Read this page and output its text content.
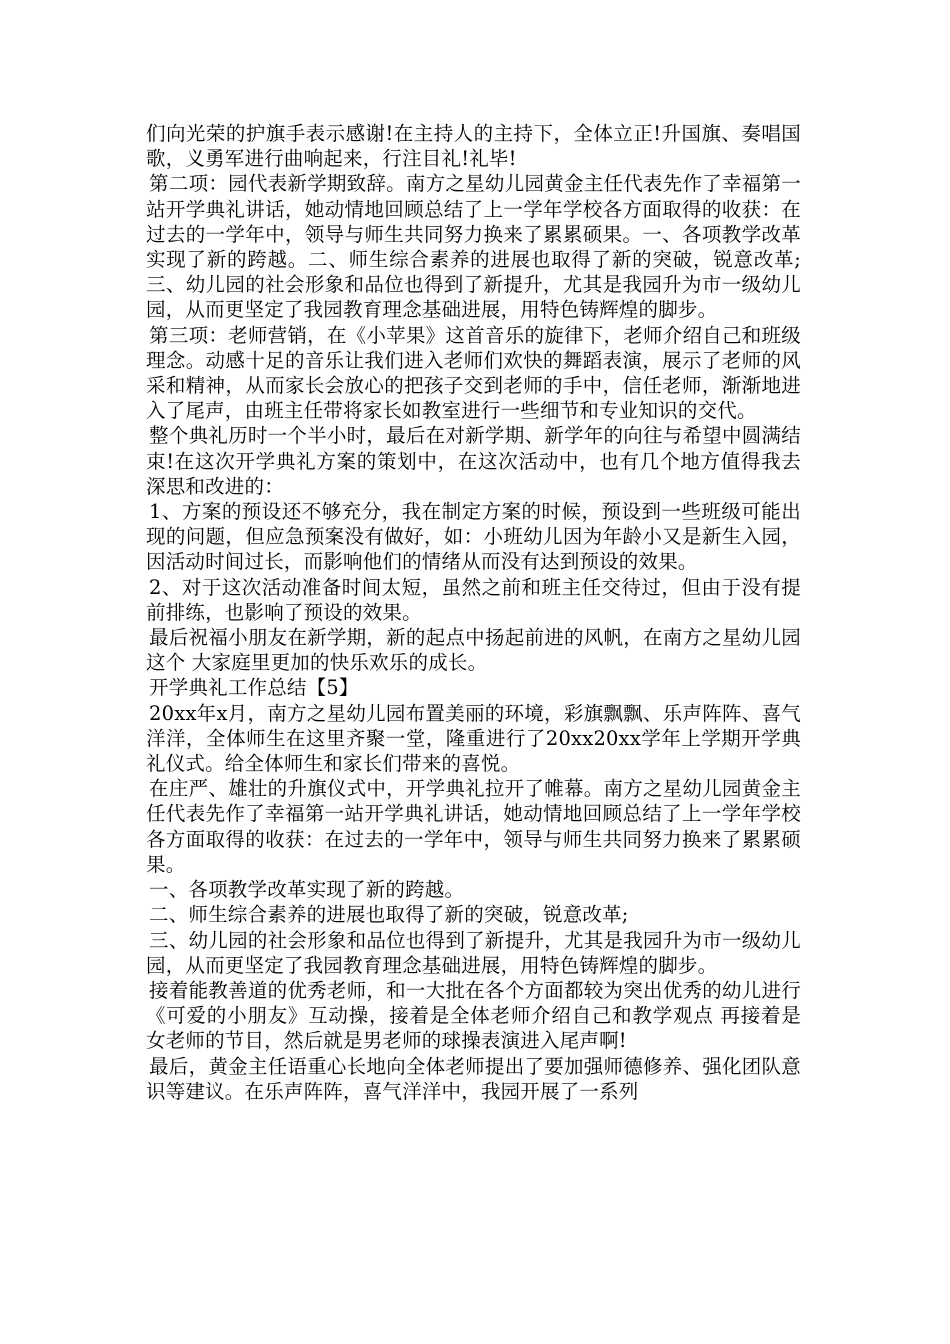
们向光荣的护旗手表示感谢!在主持人的主持下，全体立正!升国旗、奏唱国歌，义勇军进行曲响起来，行注目礼!礼毕!

第二项：园代表新学期致辞。南方之星幼儿园黄金主任代表先作了幸福第一站开学典礼讲话，她动情地回顾总结了上一学年学校各方面取得的收获：在过去的一学年中，领导与师生共同努力换来了累累硕果。一、各项教学改革实现了新的跨越。二、师生综合素养的进展也取得了新的突破，锐意改革;三、幼儿园的社会形象和品位也得到了新提升，尤其是我园升为市一级幼儿园，从而更坚定了我园教育理念基础进展，用特色铸辉煌的脚步。

第三项：老师营销，在《小苹果》这首音乐的旋律下，老师介绍自己和班级理念。动感十足的音乐让我们进入老师们欢快的舞蹈表演，展示了老师的风采和精神，从而家长会放心的把孩子交到老师的手中，信任老师，渐渐地进入了尾声，由班主任带将家长如教室进行一些细节和专业知识的交代。

整个典礼历时一个半小时，最后在对新学期、新学年的向往与希望中圆满结束!在这次开学典礼方案的策划中，在这次活动中，也有几个地方值得我去深思和改进的：

1、方案的预设还不够充分，我在制定方案的时候，预设到一些班级可能出现的问题，但应急预案没有做好，如：小班幼儿因为年龄小又是新生入园，因活动时间过长，而影响他们的情绪从而没有达到预设的效果。

2、对于这次活动准备时间太短，虽然之前和班主任交待过，但由于没有提前排练，也影响了预设的效果。

最后祝福小朋友在新学期，新的起点中扬起前进的风帆，在南方之星幼儿园这个 大家庭里更加的快乐欢乐的成长。

开学典礼工作总结【5】

20xx年x月，南方之星幼儿园布置美丽的环境，彩旗飘飘、乐声阵阵、喜气洋洋，全体师生在这里齐聚一堂，隆重进行了20xx20xx学年上学期开学典礼仪式。给全体师生和家长们带来的喜悦。

在庄严、雄壮的升旗仪式中，开学典礼拉开了帷幕。南方之星幼儿园黄金主任代表先作了幸福第一站开学典礼讲话，她动情地回顾总结了上一学年学校各方面取得的收获：在过去的一学年中，领导与师生共同努力换来了累累硕果。

一、各项教学改革实现了新的跨越。

二、师生综合素养的进展也取得了新的突破，锐意改革;

三、幼儿园的社会形象和品位也得到了新提升，尤其是我园升为市一级幼儿园，从而更坚定了我园教育理念基础进展，用特色铸辉煌的脚步。

接着能教善道的优秀老师，和一大批在各个方面都较为突出优秀的幼儿进行《可爱的小朋友》互动操，接着是全体老师介绍自己和教学观点 再接着是女老师的节目，然后就是男老师的球操表演进入尾声啊!

最后，黄金主任语重心长地向全体老师提出了要加强师德修养、强化团队意识等建议。在乐声阵阵，喜气洋洋中，我园开展了一系列
